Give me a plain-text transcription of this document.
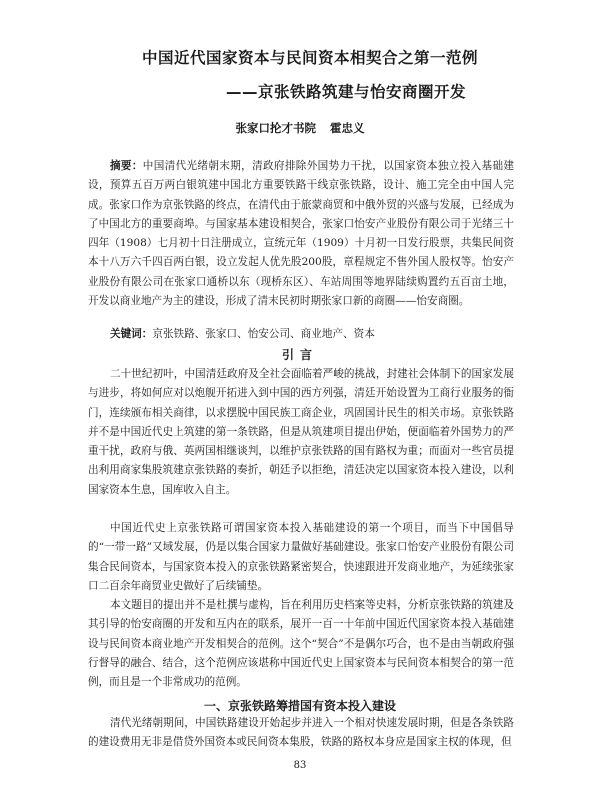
中国近代国家资本与民间资本相契合之第一范例
——京张铁路筑建与怡安商圈开发
张家口抡才书院 霍忠义
摘要：中国清代光绪朝末期，清政府排除外国势力干扰，以国家资本独立投入基础建设，预算五百万两白银筑建中国北方重要铁路干线京张铁路，设计、施工完全由中国人完成。张家口作为京张铁路的终点，在清代由于旅蒙商贸和中俄外贸的兴盛与发展，已经成为了中国北方的重要商埠。与国家基本建设相契合，张家口怡安产业股份有限公司于光绪三十四年（1908）七月初十日注册成立，宣统元年（1909）十月初一日发行股票，共集民间资本十八万六千四百两白银，设立发起人优先股200股，章程规定不售外国人股权等。怡安产业股份有限公司在张家口通桥以东（现桥东区）、车站周围等地界陆续购置约五百亩土地，开发以商业地产为主的建设，形成了清末民初时期张家口新的商圈——怡安商圈。
关键词：京张铁路、张家口、怡安公司、商业地产、资本
引言
二十世纪初叶，中国清廷政府及全社会面临着严峻的挑战，封建社会体制下的国家发展与进步，将如何应对以炮舰开拓进入到中国的西方列强，清廷开始设置为工商行业服务的衙门，连续颁布相关商律，以求摆脱中国民族工商企业，巩固国计民生的相关市场。京张铁路并不是中国近代史上筑建的第一条铁路，但是从筑建项目提出伊始，便面临着外国势力的严重干扰，政府与俄、英两国相继谈判，以维护京张铁路的国有路权为重；而面对一些官员提出利用商家集股筑建京张铁路的奏折，朝廷予以拒绝，清廷决定以国家资本投入建设，以利国家资本生息，国库收入自主。
中国近代史上京张铁路可谓国家资本投入基础建设的第一个项目，而当下中国倡导的“一带一路”又域发展，仍是以集合国家力量做好基础建设。张家口怡安产业股份有限公司集合民间资本，与国家资本投入的京张铁路紧密契合，快速跟进开发商业地产，为延续张家口二百余年商贸业史做好了后续铺垫。
本文题目的提出并不是杜撰与虚构，旨在利用历史档案等史料，分析京张铁路的筑建及其引导的怡安商圈的开发和互内在的联系，展开一百一十年前中国近代国家资本投入基础建设与民间资本商业地产开发相契合的范例。这个“契合”不是偶尔巧合，也不是由当朝政府强行督导的融合、结合，这个范例应该堪称中国近代史上国家资本与民间资本相契合的第一范例，而且是一个非常成功的范例。
一、京张铁路筹措国有资本投入建设
清代光绪朝期间，中国铁路建设开始起步并进入一个相对快速发展时期，但是各条铁路的建设费用无非是借贷外国资本或民间资本集股，铁路的路权本身应是国家主权的体现，但
83
